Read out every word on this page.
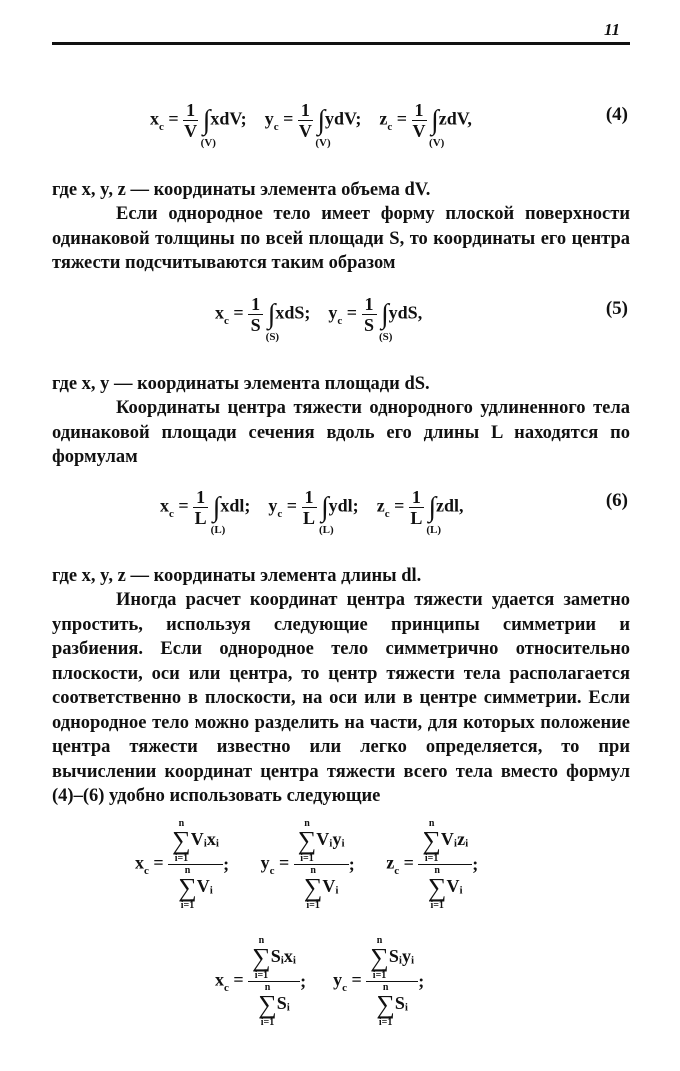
11
$x_c = \frac{1}{V}$ ∫
(V)
xdV; $y_c = \frac{1}{V}$ ∫
(V)
ydV; $z_c = \frac{1}{V}$ ∫
(V)
zdV,	(4)

где x, y, z — координаты элемента объема dV.

Если однородное тело имеет форму плоской поверхности одинаковой толщины по всей площади S, то координаты его центра тяжести подсчитываются таким образом

$x_c = \frac{1}{S}$ ∫
(S)
xdS; $y_c = \frac{1}{S}$ ∫
(S)
ydS,	(5)

где x, y — координаты элемента площади dS.

Координаты центра тяжести однородного удлиненного тела одинаковой площади сечения вдоль его длины L находятся по формулам

$x_c = \frac{1}{L}$ ∫
(L)
xdl; $y_c = \frac{1}{L}$ ∫
(L)
ydl; $z_c = \frac{1}{L}$ ∫
(L)
zdl,	(6)

где x, y, z — координаты элемента длины dl.

Иногда расчет координат центра тяжести удается заметно упростить, используя следующие принципы симметрии и разбиения. Если однородное тело симметрично относительно плоскости, оси или центра, то центр тяжести тела располагается соответственно в плоскости, на оси или в центре симметрии. Если однородное тело можно разделить на части, для которых положение центра тяжести известно или легко определяется, то при вычислении координат центра тяжести всего тела вместо формул (4)–(6) удобно использовать следующие

$x_c = n$
∑
i=1
Vᵢxᵢ
n
∑
i=1
Vᵢ ; $y_c = n$
∑
i=1
Vᵢyᵢ
n
∑
i=1
Vᵢ ; $z_c = n$
∑
i=1
Vᵢzᵢ
n
∑
i=1
Vᵢ ;
$x_c = n$
∑
i=1
Sᵢxᵢ
n
∑
i=1
Sᵢ ; $y_c = n$
∑
i=1
Sᵢyᵢ
n
∑
i=1
Sᵢ ;
